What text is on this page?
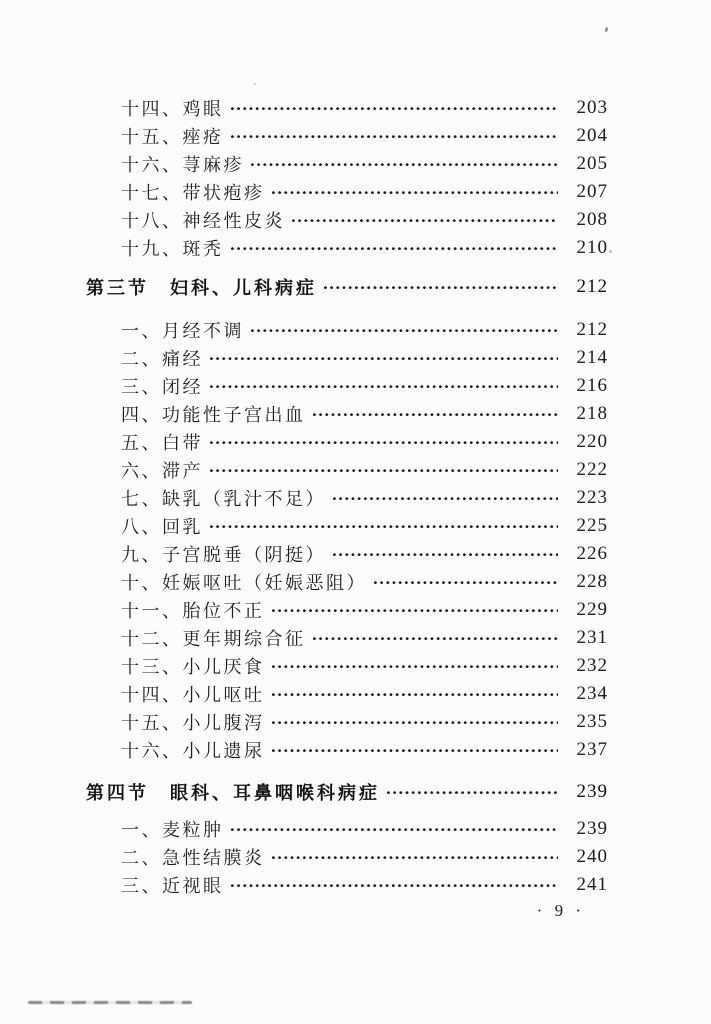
十四、鸡眼	203
十五、痤疮	204
十六、荨麻疹	205
十七、带状疱疹	207
十八、神经性皮炎	208
十九、斑秃	210
第三节　妇科、儿科病症	212
一、月经不调	212
二、痛经	214
三、闭经	216
四、功能性子宫出血	218
五、白带	220
六、滞产	222
七、缺乳（乳汁不足）	223
八、回乳	225
九、子宫脱垂（阴挺）	226
十、妊娠呕吐（妊娠恶阻）	228
十一、胎位不正	229
十二、更年期综合征	231
十三、小儿厌食	232
十四、小儿呕吐	234
十五、小儿腹泻	235
十六、小儿遗尿	237
第四节　眼科、耳鼻咽喉科病症	239
一、麦粒肿	239
二、急性结膜炎	240
三、近视眼	241
· 9 ·
